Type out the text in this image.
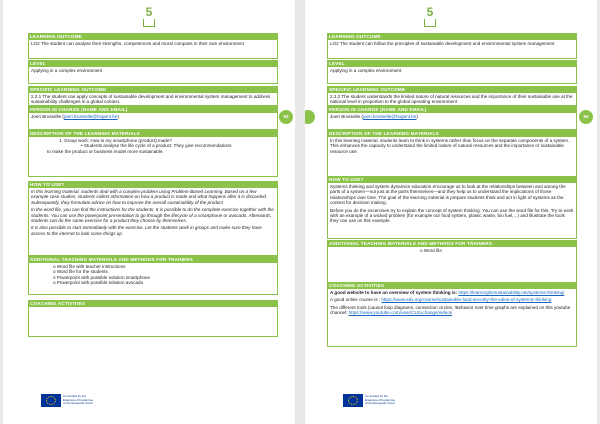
5
LEARNING OUTCOME
LO2 The student can analyse their strengths, competences and moral compass in their own environment
LEVEL
Applying in a complex environment
SPECIFIC LEARNING OUTCOME
2.2.1 The student can apply concepts of sustainable development and environmental system management to address sustainability challenges in a global context.
PERSON IN CHARGE (NAME AND EMAIL)
Joeri Brusselle (joeri.brusselle@hogent.be)	93
DESCRIPTION OF THE LEARNING MATERIALS
1. Group work: How is my smartphone (product) made?
• Students analyse the life cycle of a product. They give recommendations
to make the product or business model more sustainable.
HOW TO USE?

In this learning material, students deal with a complex problem using Problem-Based Learning. Based on a few example case studies, students collect information on how a product is made and what happens after it is discarded. Subsequently, they formulate advice on how to improve the overall sustainability of the product

In the word file, you can find the instructions for the students. It is possible to do the complete exercise together with the students. You can use the powerpoint presentation to go through the lifecycle of a smartphone or avocado. Afterwards, students can do the same exercise for a product they choose by themselves.

It is also possible to start immediately with the exercise. Let the students work in groups and make sure they have access to the internet to look some things up.

ADDITIONAL TEACHING MATERIALS AND METHODS FOR TRAINERS
o Word file with teacher instructions
o Word file for the students
o Powerpoint with possible solution smartphone
o Powerpoint with possible solution avocado
COACHING ACTIVITIES
Co-funded by the
Erasmus+ Programme
of the European Union
5
LEARNING OUTCOME
LO2 The student can follow the principles of sustainable development and environmental system management
LEVEL
Applying in a complex environment
SPECIFIC LEARNING OUTCOME
2.2.2 The student understands the limited nature of natural resources and the importance of their sustainable use at the national level in proportion to the global operating environment
PERSON IN CHARGE (NAME AND EMAIL)
Joeri Brusselle (joeri.brusselle@hogent.be)	94
DESCRIPTION OF THE LEARNING MATERIALS
In this learning material, students learn to think in systems rather than focus on the separate components of a system. This enhances the capacity to understand the limited nature of natural resources and the importance or sustainable resource use.
HOW TO USE?

Systems thinking and system dynamics education encourage us to look at the relationships between and among the parts of a system—not just at the parts themselves—and they help us to understand the implications of those relationships over time. The goal of the learning material is prepare students think and act in light of systems as the context for decision making.

Before you do the excercises try to explain the concept of system thinking. You can use the word file for this. Try to work with an example of a wicked problem (for example our food system, plastic waste, bio fuel,...) and illustrate the tools they can use on this example.

ADDITIONAL TEACHING MATERIALS AND METHODS FOR TRAINERS
o Word file
COACHING ACTIVITIES

A good website to have an overview of system thinking is: https://learningforsustainability.net/systems-thinking/

A good online course is : https://www.edx.org/course/sustainable-food-security-the-value-of-systemic-thinking

The different tools (causal loop diagrams, connection circles, 'Behavior over time graphs are explained on this youtube channel: https://www.youtube.com/user/CLExchange/videos

Co-funded by the
Erasmus+ Programme
of the European Union
